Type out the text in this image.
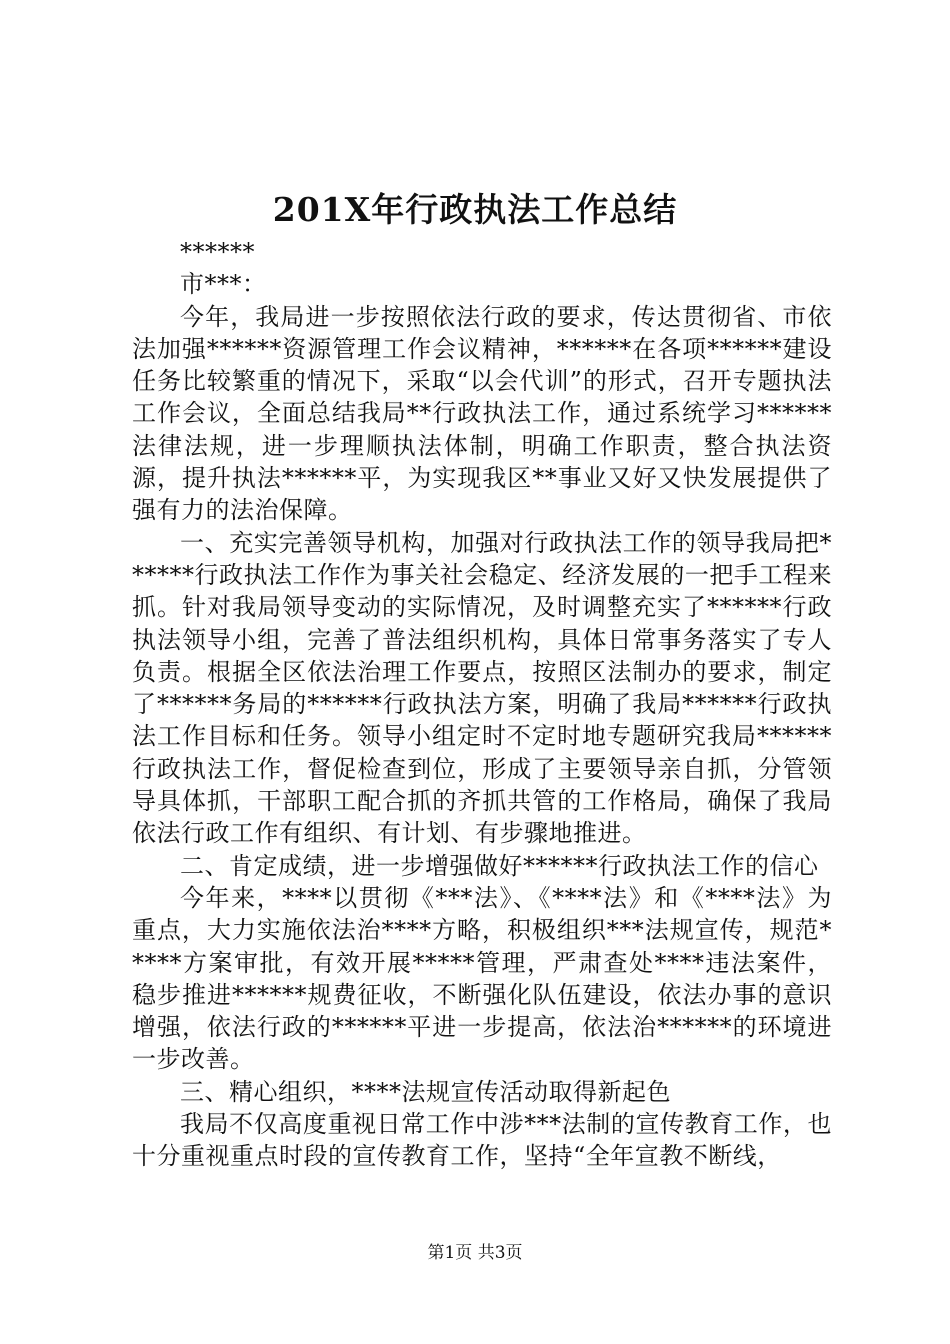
201X年行政执法工作总结

******

市***：

今年，我局进一步按照依法行政的要求，传达贯彻省、市依法加强******资源管理工作会议精神，******在各项******建设任务比较繁重的情况下，采取“以会代训”的形式，召开专题执法工作会议，全面总结我局**行政执法工作，通过系统学习******法律法规，进一步理顺执法体制，明确工作职责，整合执法资源，提升执法******平，为实现我区**事业又好又快发展提供了强有力的法治保障。

一、充实完善领导机构，加强对行政执法工作的领导我局把******行政执法工作作为事关社会稳定、经济发展的一把手工程来抓。针对我局领导变动的实际情况，及时调整充实了******行政执法领导小组，完善了普法组织机构，具体日常事务落实了专人负责。根据全区依法治理工作要点，按照区法制办的要求，制定了******务局的******行政执法方案，明确了我局******行政执法工作目标和任务。领导小组定时不定时地专题研究我局******行政执法工作，督促检查到位，形成了主要领导亲自抓，分管领导具体抓，干部职工配合抓的齐抓共管的工作格局，确保了我局依法行政工作有组织、有计划、有步骤地推进。

二、肯定成绩，进一步增强做好******行政执法工作的信心

今年来，****以贯彻《***法》、《****法》和《****法》为重点，大力实施依法治****方略，积极组织***法规宣传，规范*****方案审批，有效开展*****管理，严肃查处****违法案件，稳步推进******规费征收，不断强化队伍建设，依法办事的意识增强，依法行政的******平进一步提高，依法治******的环境进一步改善。

三、精心组织，****法规宣传活动取得新起色

我局不仅高度重视日常工作中涉***法制的宣传教育工作，也十分重视重点时段的宣传教育工作，坚持“全年宣教不断线，

第1页 共3页
